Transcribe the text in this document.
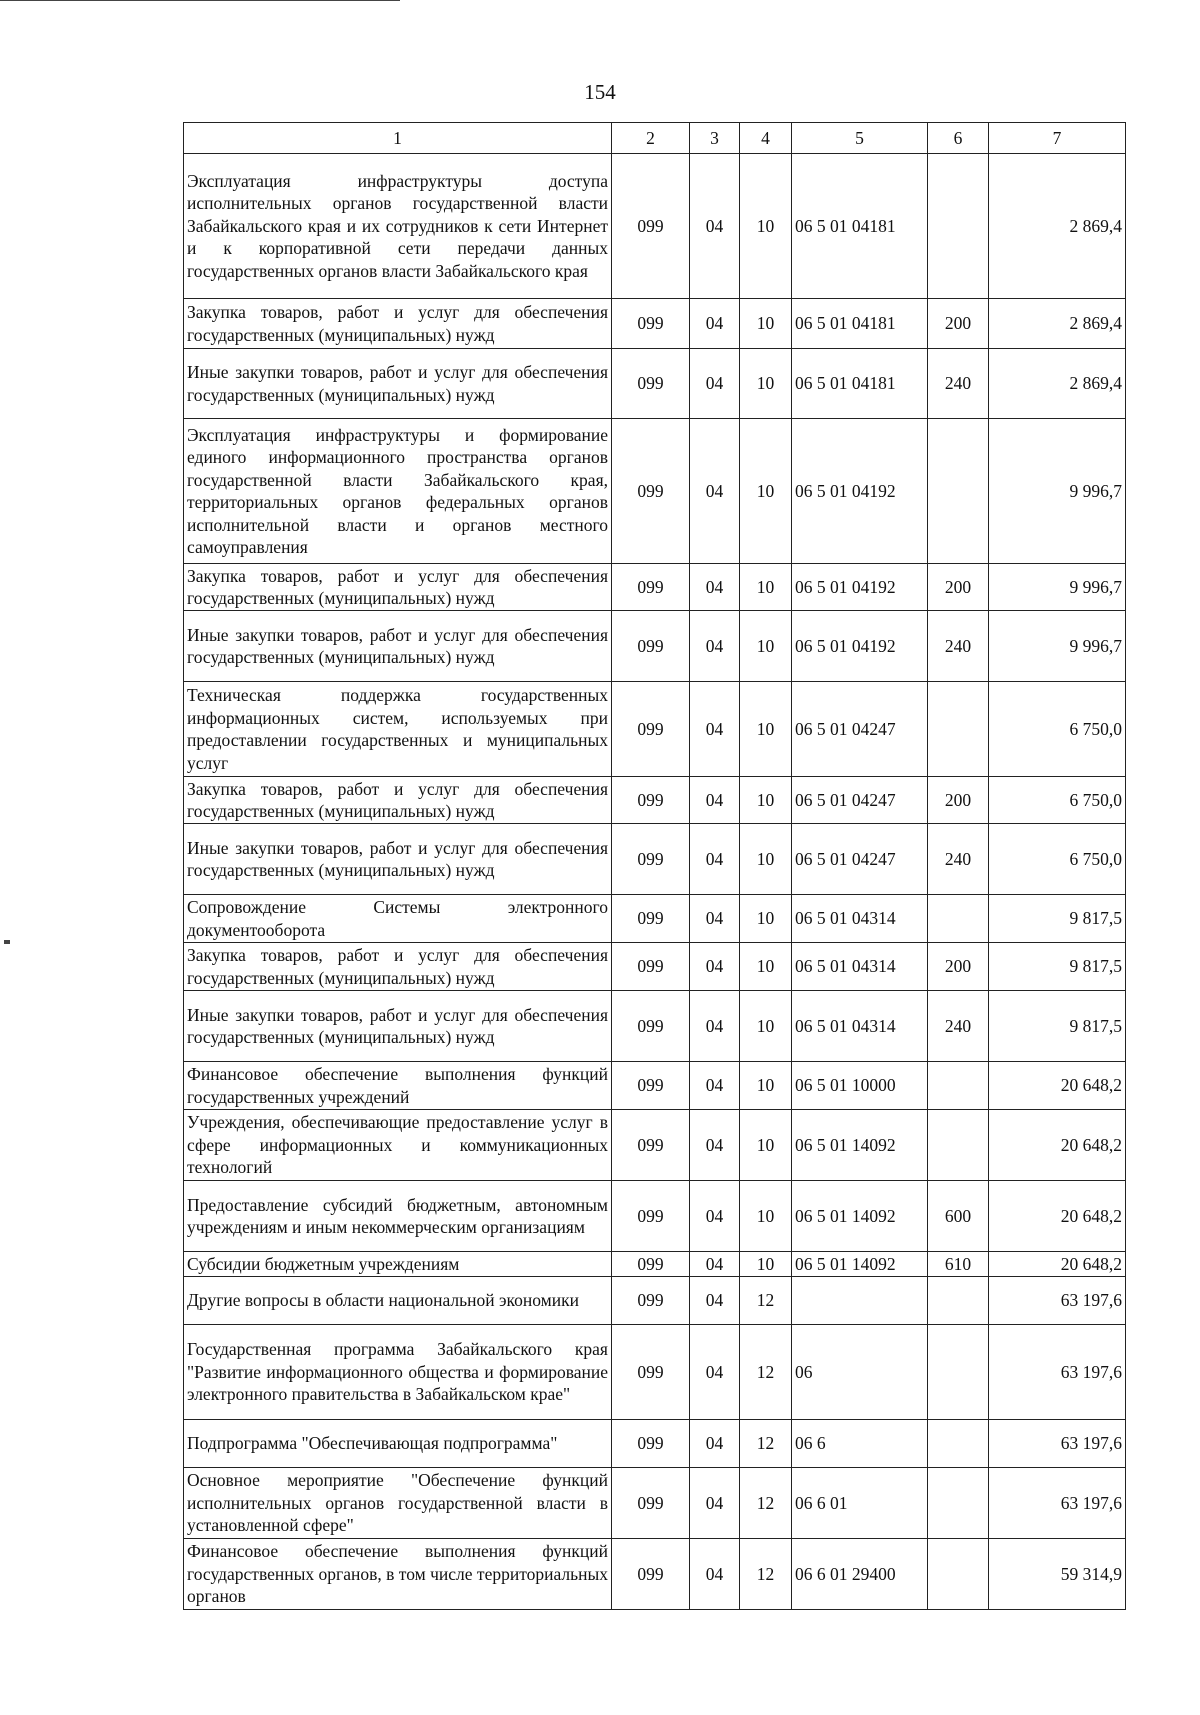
154
1	2	3	4	5	6	7
Эксплуатация инфраструктуры доступа исполнительных органов государственной власти Забайкальского края и их сотрудников к сети Интернет и к корпоративной сети передачи данных государственных органов власти Забайкальского края	099	04	10	06 5 01 04181		2 869,4
Закупка товаров, работ и услуг для обеспечения государственных (муниципальных) нужд	099	04	10	06 5 01 04181	200	2 869,4
Иные закупки товаров, работ и услуг для обеспечения государственных (муниципальных) нужд	099	04	10	06 5 01 04181	240	2 869,4
Эксплуатация инфраструктуры и формирование единого информационного пространства органов государственной власти Забайкальского края, территориальных органов федеральных органов исполнительной власти и органов местного самоуправления	099	04	10	06 5 01 04192		9 996,7
Закупка товаров, работ и услуг для обеспечения государственных (муниципальных) нужд	099	04	10	06 5 01 04192	200	9 996,7
Иные закупки товаров, работ и услуг для обеспечения государственных (муниципальных) нужд	099	04	10	06 5 01 04192	240	9 996,7
Техническая поддержка государственных информационных систем, используемых при предоставлении государственных и муниципальных услуг	099	04	10	06 5 01 04247		6 750,0
Закупка товаров, работ и услуг для обеспечения государственных (муниципальных) нужд	099	04	10	06 5 01 04247	200	6 750,0
Иные закупки товаров, работ и услуг для обеспечения государственных (муниципальных) нужд	099	04	10	06 5 01 04247	240	6 750,0
Сопровождение Системы электронного документооборота	099	04	10	06 5 01 04314		9 817,5
Закупка товаров, работ и услуг для обеспечения государственных (муниципальных) нужд	099	04	10	06 5 01 04314	200	9 817,5
Иные закупки товаров, работ и услуг для обеспечения государственных (муниципальных) нужд	099	04	10	06 5 01 04314	240	9 817,5
Финансовое обеспечение выполнения функций государственных учреждений	099	04	10	06 5 01 10000		20 648,2
Учреждения, обеспечивающие предоставление услуг в сфере информационных и коммуникационных технологий	099	04	10	06 5 01 14092		20 648,2
Предоставление субсидий бюджетным, автономным учреждениям и иным некоммерческим организациям	099	04	10	06 5 01 14092	600	20 648,2
Субсидии бюджетным учреждениям	099	04	10	06 5 01 14092	610	20 648,2
Другие вопросы в области национальной экономики	099	04	12			63 197,6
Государственная программа Забайкальского края "Развитие информационного общества и формирование электронного правительства в Забайкальском крае"	099	04	12	06		63 197,6
Подпрограмма "Обеспечивающая подпрограмма"	099	04	12	06 6		63 197,6
Основное мероприятие "Обеспечение функций исполнительных органов государственной власти в установленной сфере"	099	04	12	06 6 01		63 197,6
Финансовое обеспечение выполнения функций государственных органов, в том числе территориальных органов	099	04	12	06 6 01 29400		59 314,9
